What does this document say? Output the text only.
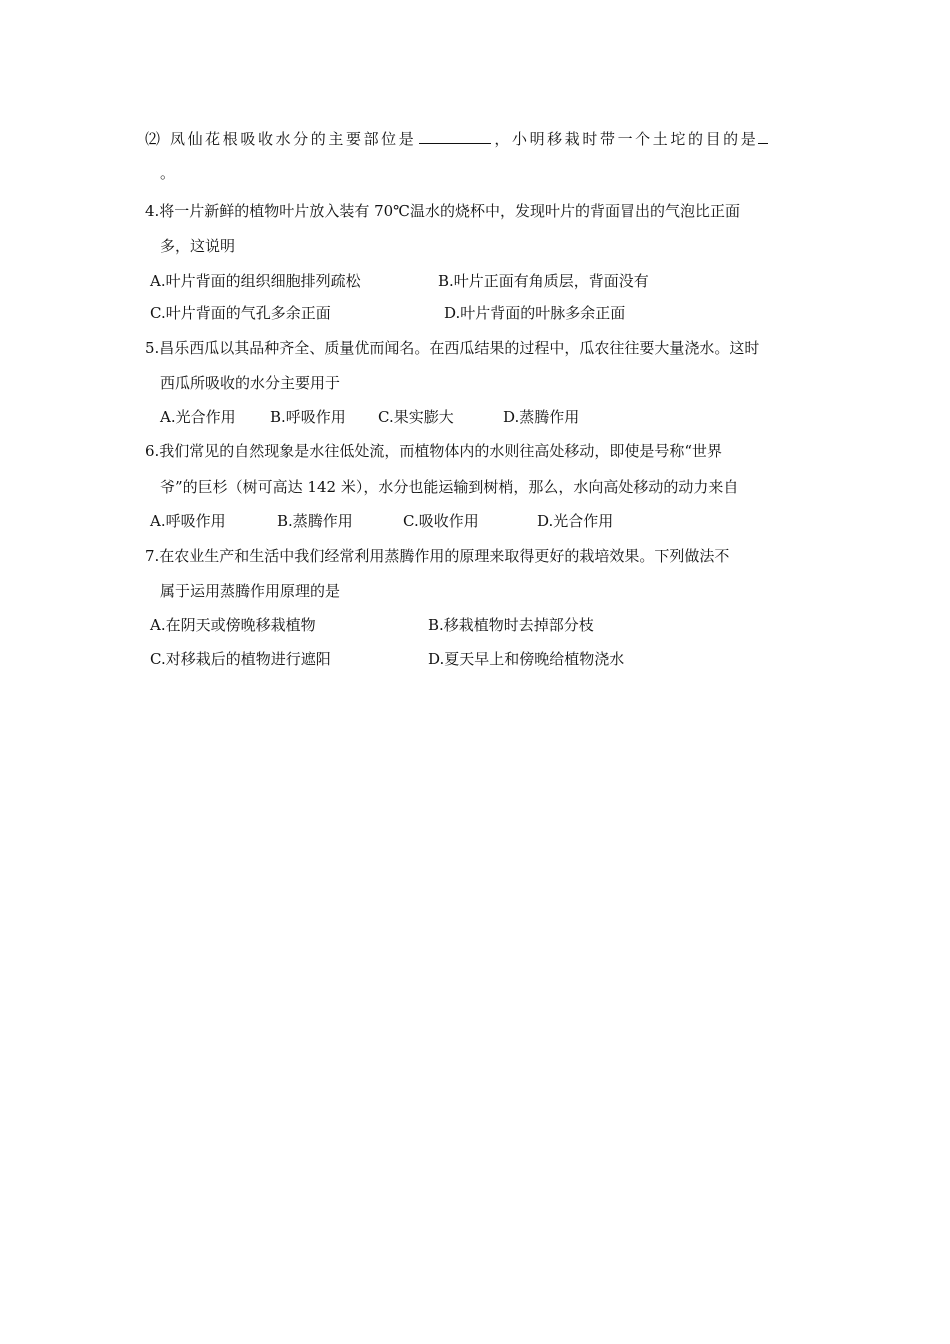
⑵ 凤仙花根吸收水分的主要部位是	，小明移栽时带一个土坨的目的是
。
4.将一片新鲜的植物叶片放入装有 70℃温水的烧杯中，发现叶片的背面冒出的气泡比正面
多，这说明
A.叶片背面的组织细胞排列疏松	B.叶片正面有角质层，背面没有
C.叶片背面的气孔多余正面	D.叶片背面的叶脉多余正面
5.昌乐西瓜以其品种齐全、质量优而闻名。在西瓜结果的过程中，瓜农往往要大量浇水。这时
西瓜所吸收的水分主要用于
A.光合作用 B.呼吸作用 C.果实膨大	D.蒸腾作用
6.我们常见的自然现象是水往低处流，而植物体内的水则往高处移动，即使是号称“世界
爷”的巨杉（树可高达 142 米），水分也能运输到树梢，那么，水向高处移动的动力来自
A.呼吸作用	B.蒸腾作用	C.吸收作用	D.光合作用
7.在农业生产和生活中我们经常利用蒸腾作用的原理来取得更好的栽培效果。下列做法不
属于运用蒸腾作用原理的是
A.在阴天或傍晚移栽植物	B.移栽植物时去掉部分枝
C.对移栽后的植物进行遮阳	D.夏天早上和傍晚给植物浇水
